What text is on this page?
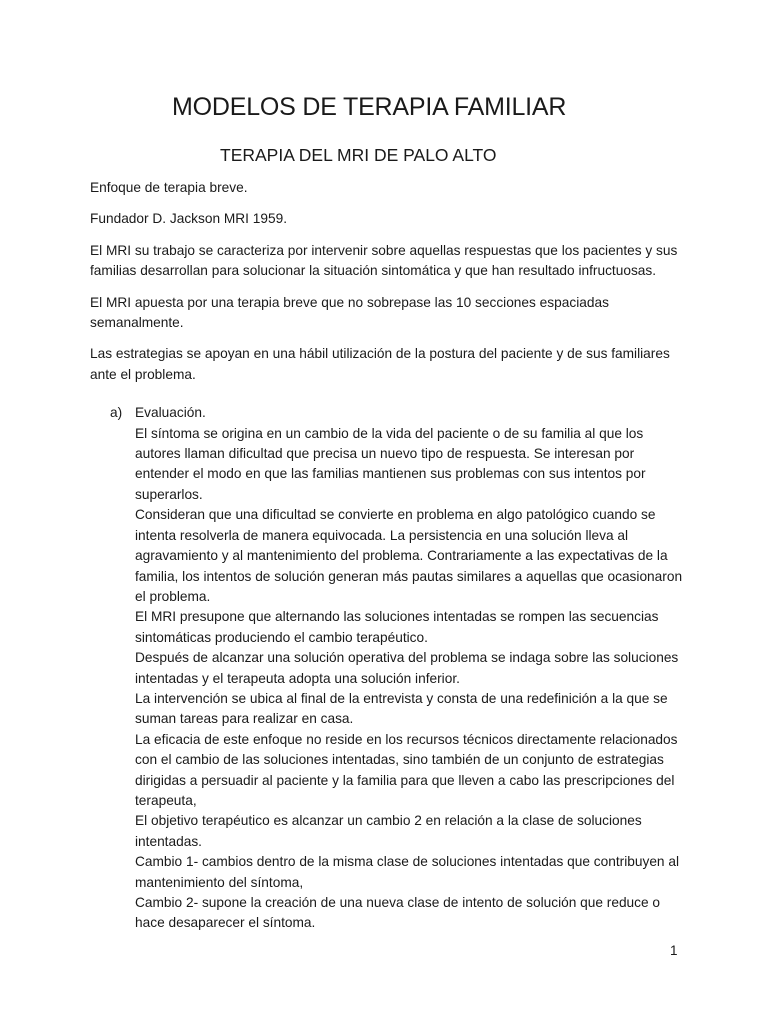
MODELOS DE TERAPIA FAMILIAR
TERAPIA DEL MRI DE PALO ALTO

Enfoque de terapia breve.

Fundador D. Jackson MRI 1959.

El MRI su trabajo se caracteriza por intervenir sobre aquellas respuestas que los pacientes y sus familias desarrollan para solucionar la situación sintomática y que han resultado infructuosas.

El MRI apuesta por una terapia breve que no sobrepase las 10 secciones espaciadas semanalmente.

Las estrategias se apoyan en una hábil utilización de la postura del paciente y de sus familiares ante el problema.

a) Evaluación.
El síntoma se origina en un cambio de la vida del paciente o de su familia al que los autores llaman dificultad que precisa un nuevo tipo de respuesta. Se interesan por entender el modo en que las familias mantienen sus problemas con sus intentos por superarlos.
Consideran que una dificultad se convierte en problema en algo patológico cuando se intenta resolverla de manera equivocada. La persistencia en una solución lleva al agravamiento y al mantenimiento del problema. Contrariamente a las expectativas de la familia, los intentos de solución generan más pautas similares a aquellas que ocasionaron el problema.
El MRI presupone que alternando las soluciones intentadas se rompen las secuencias sintomáticas produciendo el cambio terapéutico.
Después de alcanzar una solución operativa del problema se indaga sobre las soluciones intentadas y el terapeuta adopta una solución inferior.
La intervención se ubica al final de la entrevista y consta de una redefinición a la que se suman tareas para realizar en casa.
La eficacia de este enfoque no reside en los recursos técnicos directamente relacionados con el cambio de las soluciones intentadas, sino también de un conjunto de estrategias dirigidas a persuadir al paciente y la familia para que lleven a cabo las prescripciones del terapeuta,
El objetivo terapéutico es alcanzar un cambio 2 en relación a la clase de soluciones intentadas.
Cambio 1- cambios dentro de la misma clase de soluciones intentadas que contribuyen al mantenimiento del síntoma,
Cambio 2- supone la creación de una nueva clase de intento de solución que reduce o hace desaparecer el síntoma.
1
